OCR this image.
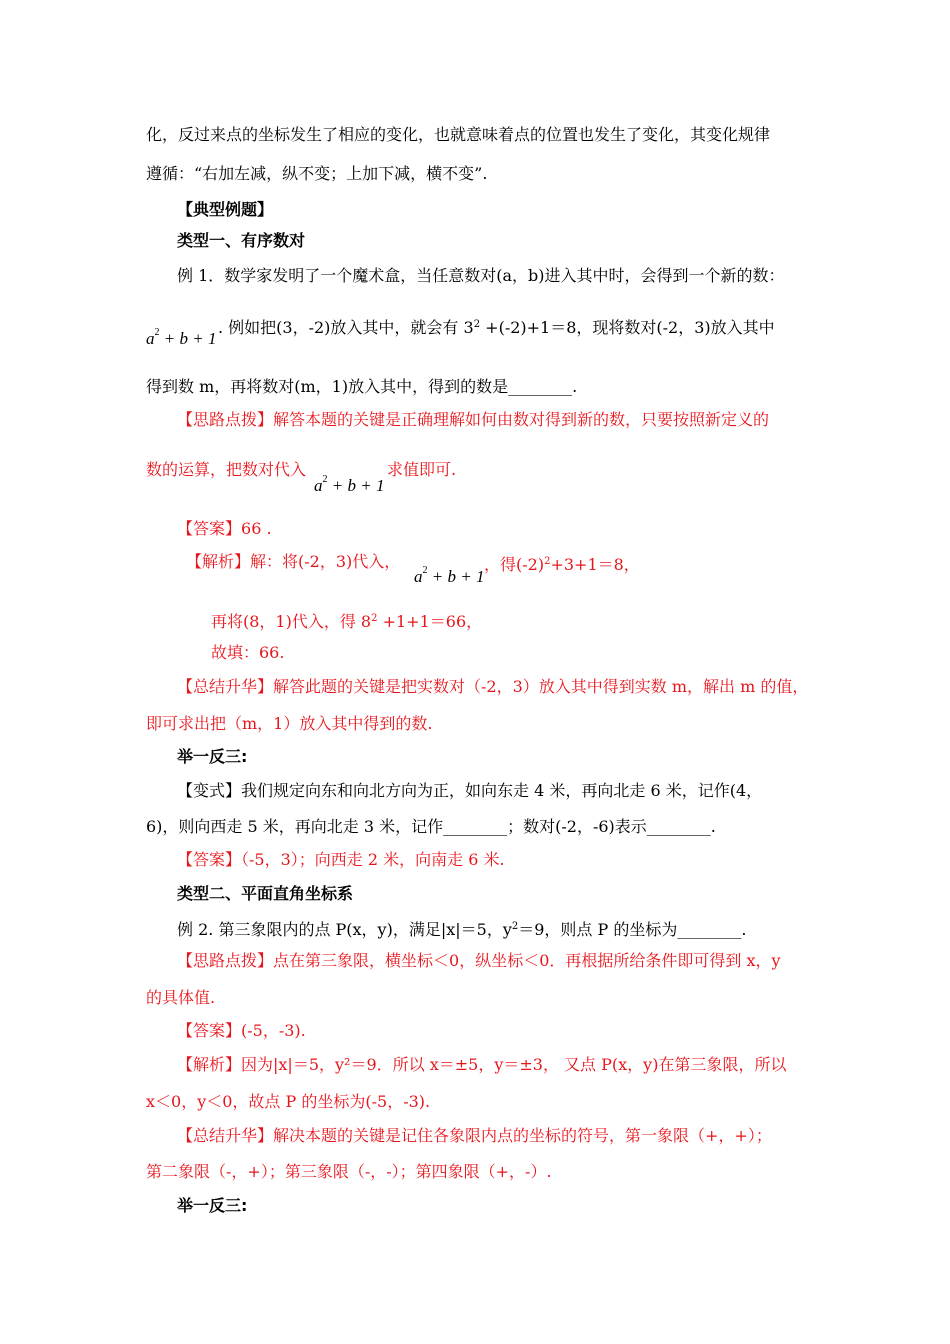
化，反过来点的坐标发生了相应的变化，也就意味着点的位置也发生了变化，其变化规律
遵循：“右加左减，纵不变；上加下减，横不变”.
【典型例题】
类型一、有序数对
例 1．数学家发明了一个魔术盒，当任意数对(a，b)进入其中时，会得到一个新的数：
$a^2 + b + 1$
. 例如把(3，-2)放入其中，就会有 $3^2 +(-2)+1=8$，现将数对(-2，3)放入其中
得到数 m，再将数对(m，1)放入其中，得到的数是________.
【思路点拨】解答本题的关键是正确理解如何由数对得到新的数，只要按照新定义的
数的运算，把数对代入
$a^2 + b + 1$
求值即可.
【答案】66 .
【解析】解：将(-2，3)代入，
$a^2 + b + 1$
，得$(-2)^2+3+1=8$，
再将(8，1)代入，得 $8^2 +1+1=66$，
故填：66.
【总结升华】解答此题的关键是把实数对（-2，3）放入其中得到实数 m，解出 m 的值，
即可求出把（m，1）放入其中得到的数.
举一反三:
【变式】我们规定向东和向北方向为正，如向东走 4 米，再向北走 6 米，记作(4，
6)，则向西走 5 米，再向北走 3 米，记作________；数对(-2，-6)表示________.
【答案】（-5，3）；向西走 2 米，向南走 6 米.
类型二、平面直角坐标系
例 2. 第三象限内的点 P(x，y)，满足|x|＝5，$y^2=9$，则点 P 的坐标为________.
【思路点拨】点在第三象限，横坐标＜0，纵坐标＜0．再根据所给条件即可得到 x，y
的具体值.
【答案】(-5，-3).
【解析】因为|x|＝5，y²＝9．所以 x＝±5，y＝±3， 又点 P(x，y)在第三象限，所以
x＜0，y＜0，故点 P 的坐标为(-5，-3).
【总结升华】解决本题的关键是记住各象限内点的坐标的符号，第一象限（+，+）；
第二象限（-，+）；第三象限（-，-）；第四象限（+，-）.
举一反三:
